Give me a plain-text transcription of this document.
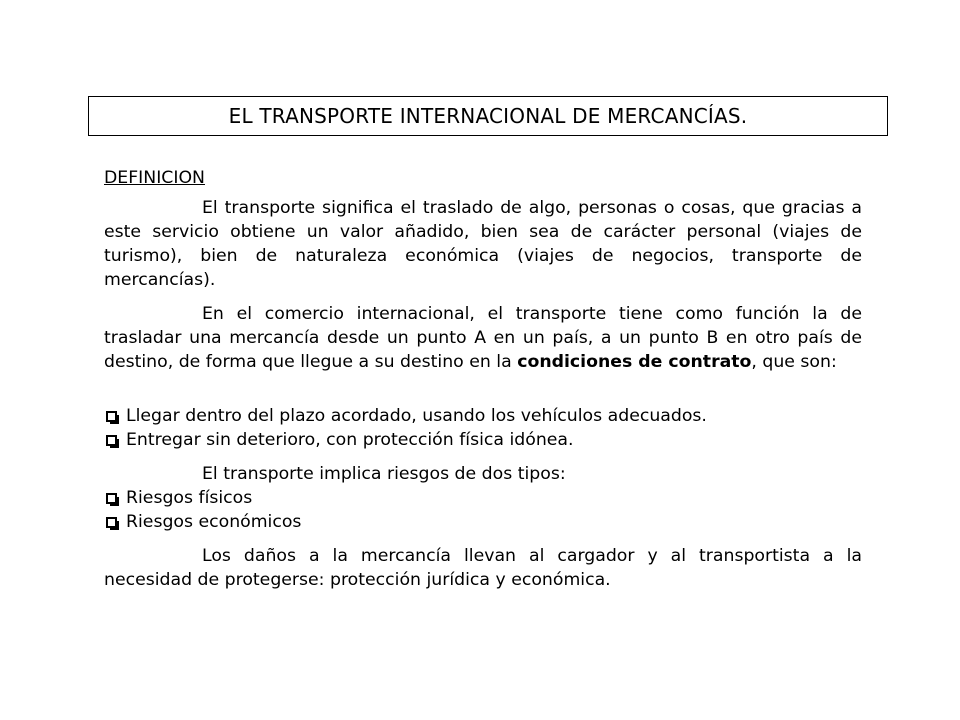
EL TRANSPORTE INTERNACIONAL DE MERCANCÍAS.
DEFINICION

El transporte significa el traslado de algo, personas o cosas, que gracias a este servicio obtiene un valor añadido, bien sea de carácter personal (viajes de turismo), bien de naturaleza económica (viajes de negocios, transporte de mercancías).

En el comercio internacional, el transporte tiene como función la de trasladar una mercancía desde un punto A en un país, a un punto B en otro país de destino, de forma que llegue a su destino en la condiciones de contrato, que son:

Llegar dentro del plazo acordado, usando los vehículos adecuados.
Entregar sin deterioro, con protección física idónea.

El transporte implica riesgos de dos tipos:

Riesgos físicos
Riesgos económicos

Los daños a la mercancía llevan al cargador y al transportista a la necesidad de protegerse: protección jurídica y económica.
